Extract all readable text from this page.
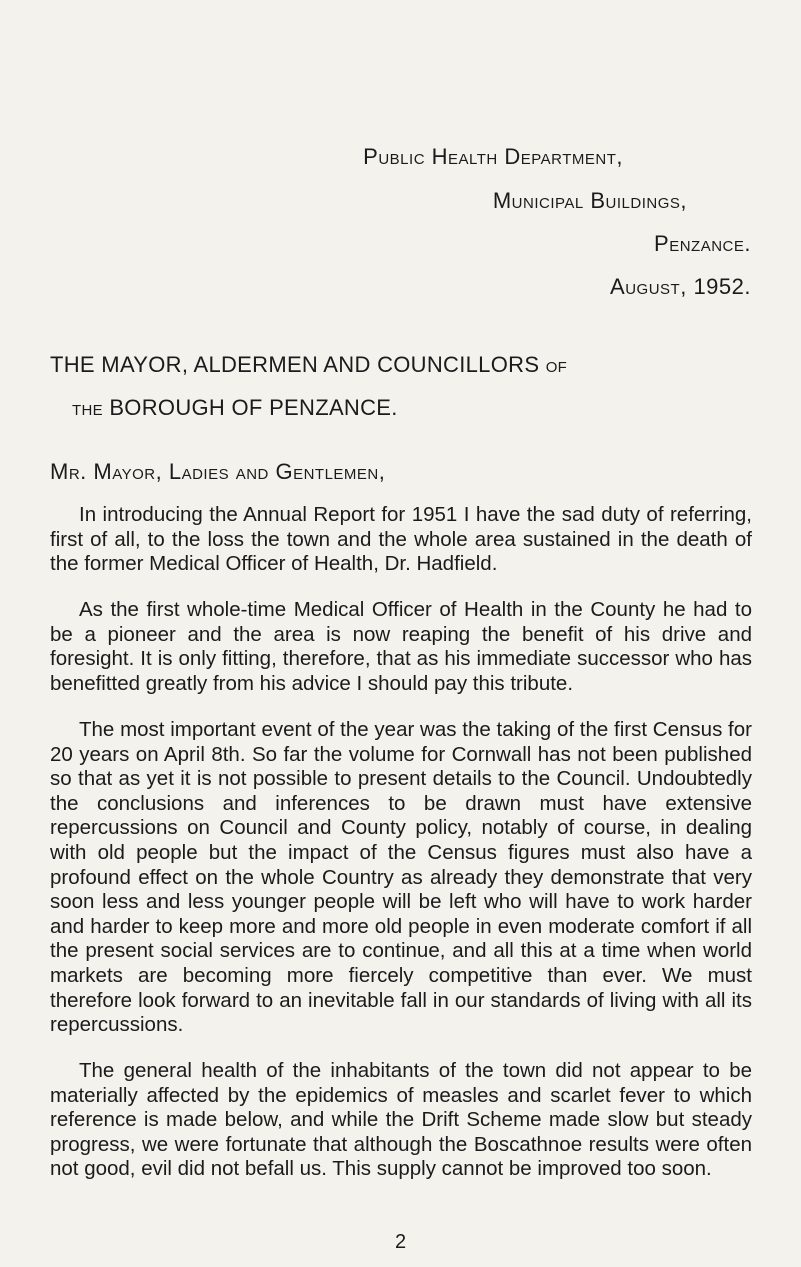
Public Health Department,
Municipal Buildings,
Penzance.
August, 1952.
THE MAYOR, ALDERMEN AND COUNCILLORS of
the BOROUGH OF PENZANCE.
Mr. Mayor, Ladies and Gentlemen,

In introducing the Annual Report for 1951 I have the sad duty of referring, first of all, to the loss the town and the whole area sustained in the death of the former Medical Officer of Health, Dr. Hadfield.

As the first whole-time Medical Officer of Health in the County he had to be a pioneer and the area is now reaping the benefit of his drive and foresight. It is only fitting, therefore, that as his immediate successor who has benefitted greatly from his advice I should pay this tribute.

The most important event of the year was the taking of the first Census for 20 years on April 8th. So far the volume for Cornwall has not been published so that as yet it is not possible to present details to the Council. Undoubtedly the conclusions and inferences to be drawn must have extensive repercussions on Council and County policy, notably of course, in dealing with old people but the impact of the Census figures must also have a profound effect on the whole Country as already they demonstrate that very soon less and less younger people will be left who will have to work harder and harder to keep more and more old people in even moderate comfort if all the present social services are to continue, and all this at a time when world markets are becoming more fiercely competitive than ever. We must therefore look forward to an inevitable fall in our standards of living with all its repercussions.

The general health of the inhabitants of the town did not appear to be materially affected by the epidemics of measles and scarlet fever to which reference is made below, and while the Drift Scheme made slow but steady progress, we were fortunate that although the Boscathnoe results were often not good, evil did not befall us. This supply cannot be improved too soon.

2
